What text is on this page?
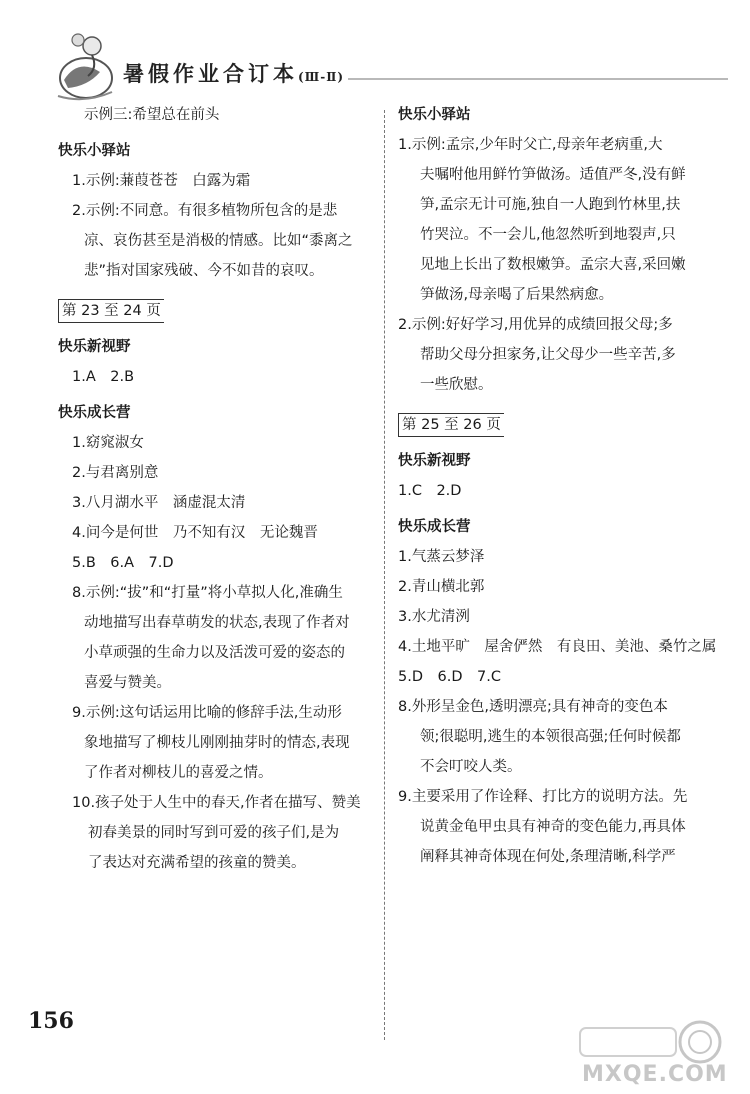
暑假作业合订本(Ⅲ-Ⅱ)
示例三:希望总在前头
快乐小驿站
1.示例:蒹葭苍苍　白露为霜
2.示例:不同意。有很多植物所包含的是悲
凉、哀伤甚至是消极的情感。比如“黍离之
悲”指对国家残破、今不如昔的哀叹。
第 23 至 24 页
快乐新视野
1.A　2.B
快乐成长营
1.窈窕淑女
2.与君离别意
3.八月湖水平　涵虚混太清
4.问今是何世　乃不知有汉　无论魏晋
5.B　6.A　7.D
8.示例:“拔”和“打量”将小草拟人化,准确生
动地描写出春草萌发的状态,表现了作者对
小草顽强的生命力以及活泼可爱的姿态的
喜爱与赞美。
9.示例:这句话运用比喻的修辞手法,生动形
象地描写了柳枝儿刚刚抽芽时的情态,表现
了作者对柳枝儿的喜爱之情。
10.孩子处于人生中的春天,作者在描写、赞美
初春美景的同时写到可爱的孩子们,是为
了表达对充满希望的孩童的赞美。
快乐小驿站
1.示例:孟宗,少年时父亡,母亲年老病重,大
夫嘱咐他用鲜竹笋做汤。适值严冬,没有鲜
笋,孟宗无计可施,独自一人跑到竹林里,扶
竹哭泣。不一会儿,他忽然听到地裂声,只
见地上长出了数根嫩笋。孟宗大喜,采回嫩
笋做汤,母亲喝了后果然病愈。
2.示例:好好学习,用优异的成绩回报父母;多
帮助父母分担家务,让父母少一些辛苦,多
一些欣慰。
第 25 至 26 页
快乐新视野
1.C　2.D
快乐成长营
1.气蒸云梦泽
2.青山横北郭
3.水尤清洌
4.土地平旷　屋舍俨然　有良田、美池、桑竹之属
5.D　6.D　7.C
8.外形呈金色,透明漂亮;具有神奇的变色本
领;很聪明,逃生的本领很高强;任何时候都
不会叮咬人类。
9.主要采用了作诠释、打比方的说明方法。先
说黄金龟甲虫具有神奇的变色能力,再具体
阐释其神奇体现在何处,条理清晰,科学严
156
MXQE.COM
